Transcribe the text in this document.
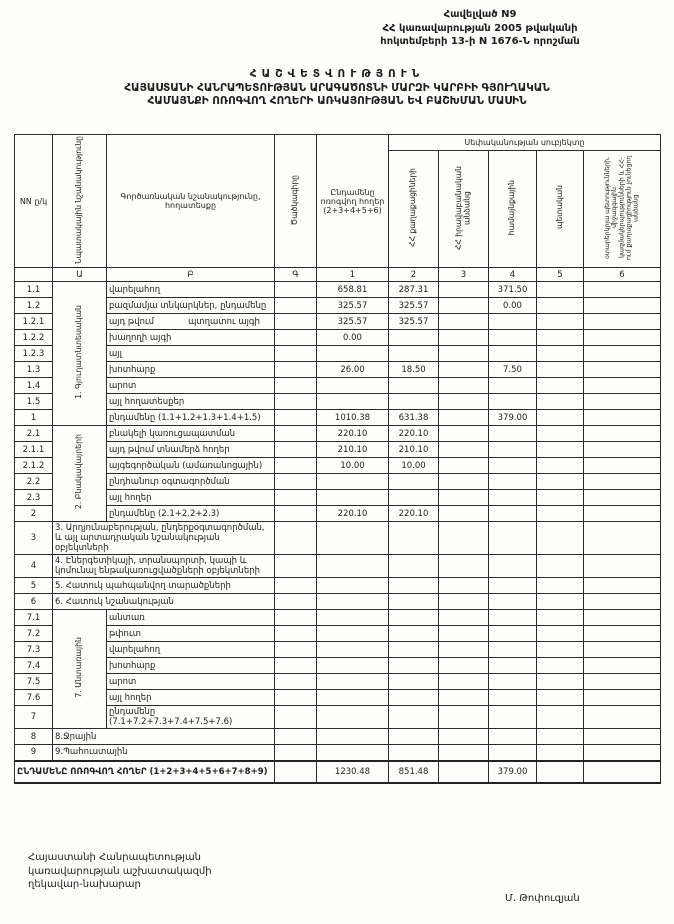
Հավելված N9
ՀՀ կառավարության 2005 թվականի
հոկտեմբերի 13-ի N 1676-Ն որոշման
ՀԱՇՎԵՏՎՈՒԹՅՈՒՆ
ՀԱՅԱՍՏԱՆԻ ՀԱՆՐԱՊԵՏՈՒԹՅԱՆ ԱՐԱԳԱԾՈՏՆԻ ՄԱՐԶԻ ԿԱՐԲԻԻ ԳՅՈՒՂԱԿԱՆ
ՀԱՄԱՅՆՔԻ ՈՌՈԳՎՈՂ ՀՈՂԵՐԻ ԱՌԿԱՅՈՒԹՅԱՆ ԵՎ ԲԱՇԽՄԱՆ ՄԱՍԻՆ
NN ը/կ	Նպատակային նշանակությունը	Գործառնական նշանակությունը, հողատեսքը	Ծածկագիրը	Ընդամենը ոռոգվող հողեր (2+3+4+5+6)	Սեփականության սուբյեկտը				
					ՀՀ քաղաքացիների	ՀՀ իրավաբանական անձանց	համայնքային	պետական	օտարերկրյա պետությունների, միջազգային կազմակերպությունների և ՀՀ-ում քաղաքացիություն չունեցող անձանց
	Ա	Բ	Գ	1	2	3	4	5	6
1.1	1. Գյուղատնտեսական	վարելահող		658.81	287.31		371.50		
1.2		բազմամյա տնկարկներ, ընդամենը		325.57	325.57		0.00		
1.2.1		այդ թվում պտղատու այգի		325.57	325.57				
1.2.2		խաղողի այգի		0.00					
1.2.3		այլ							
1.3		խոտհարք		26.00	18.50		7.50		
1.4		արոտ							
1.5		այլ հողատեսքեր							
1		ընդամենը (1.1+1.2+1.3+1.4+1.5)		1010.38	631.38		379.00		
2.1	2. Բնակավայրերի	բնակելի կառուցապատման		220.10	220.10				
2.1.1		այդ թվում տնամերձ հողեր		210.10	210.10				
2.1.2		այգեգործական (ամառանոցային)		10.00	10.00				
2.2		ընդհանուր օգտագործման							
2.3		այլ հողեր							
2		ընդամենը (2.1+2.2+2.3)		220.10	220.10				
3	3. Արդյունաբերության, ընդերքօգտագործման, և այլ արտադրական նշանակության օբյեկտների								
4	4. Էներգետիկայի, տրանսպորտի, կապի և կոմունալ ենթակառուցվածքների օբյեկտների								
5	5. Հատուկ պահպանվող տարածքների								
6	6. Հատուկ նշանակության								
7.1	7. Անտառային	անտառ							
7.2		թփուտ							
7.3		վարելահող							
7.4		խոտհարք							
7.5		արոտ							
7.6		այլ հողեր							
7		ընդամենը (7.1+7.2+7.3+7.4+7.5+7.6)							
8	8.Ջրային								
9	9.Պահուստային								
ԸՆԴԱՄԵՆԸ ՈՌՈԳՎՈՂ ՀՈՂԵՐ (1+2+3+4+5+6+7+8+9)				1230.48	851.48		379.00		
Հայաստանի Հանրապետության
կառավարության աշխատակազմի
ղեկավար-նախարար
Մ. Թոփուզյան
